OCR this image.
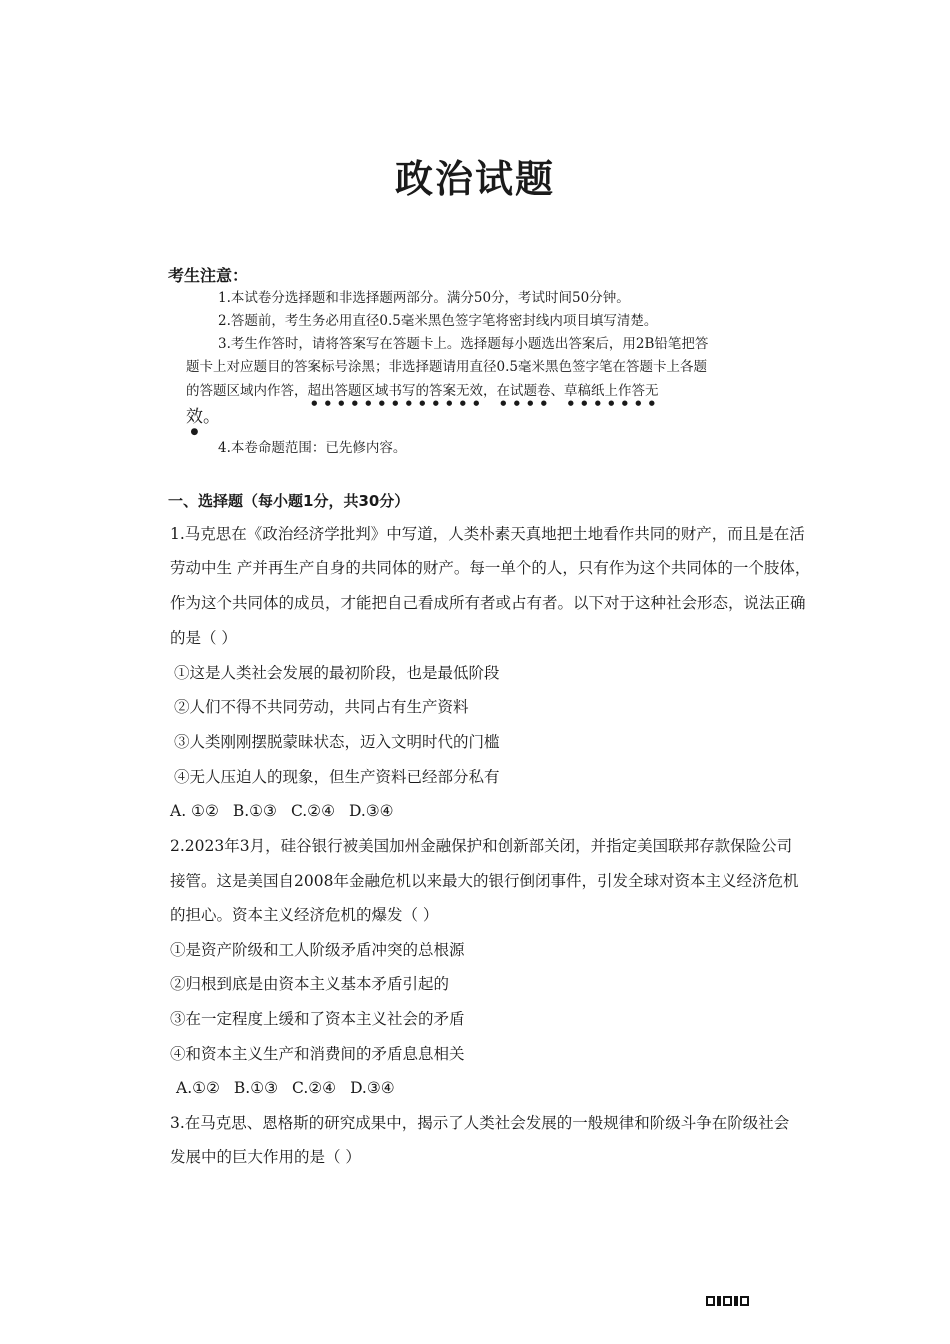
政治试题
考生注意：
1.本试卷分选择题和非选择题两部分。满分50分，考试时间50分钟。
2.答题前，考生务必用直径0.5毫米黑色签字笔将密封线内项目填写清楚。
3.考生作答时，请将答案写在答题卡上。选择题每小题选出答案后，用2B铅笔把答
题卡上对应题目的答案标号涂黑；非选择题请用直径0.5毫米黑色签字笔在答题卡上各题
的答题区域内作答，超出答题区域书写的答案无效，在试题卷、草稿纸上作答无
效。
4.本卷命题范围：已先修内容。
一、选择题（每小题1分，共30分）
1.马克思在《政治经济学批判》中写道，人类朴素天真地把土地看作共同的财产，而且是在活
劳动中生 产并再生产自身的共同体的财产。每一单个的人，只有作为这个共同体的一个肢体，
作为这个共同体的成员，才能把自己看成所有者或占有者。以下对于这种社会形态，说法正确
的是（ ）
①这是人类社会发展的最初阶段，也是最低阶段
②人们不得不共同劳动，共同占有生产资料
③人类刚刚摆脱蒙昧状态，迈入文明时代的门槛
④无人压迫人的现象，但生产资料已经部分私有
A. ①② B.①③ C.②④ D.③④
2.2023年3月，硅谷银行被美国加州金融保护和创新部关闭，并指定美国联邦存款保险公司
接管。这是美国自2008年金融危机以来最大的银行倒闭事件，引发全球对资本主义经济危机
的担心。资本主义经济危机的爆发（ ）
①是资产阶级和工人阶级矛盾冲突的总根源
②归根到底是由资本主义基本矛盾引起的
③在一定程度上缓和了资本主义社会的矛盾
④和资本主义生产和消费间的矛盾息息相关
A.①② B.①③ C.②④ D.③④
3.在马克思、恩格斯的研究成果中，揭示了人类社会发展的一般规律和阶级斗争在阶级社会
发展中的巨大作用的是（ ）
